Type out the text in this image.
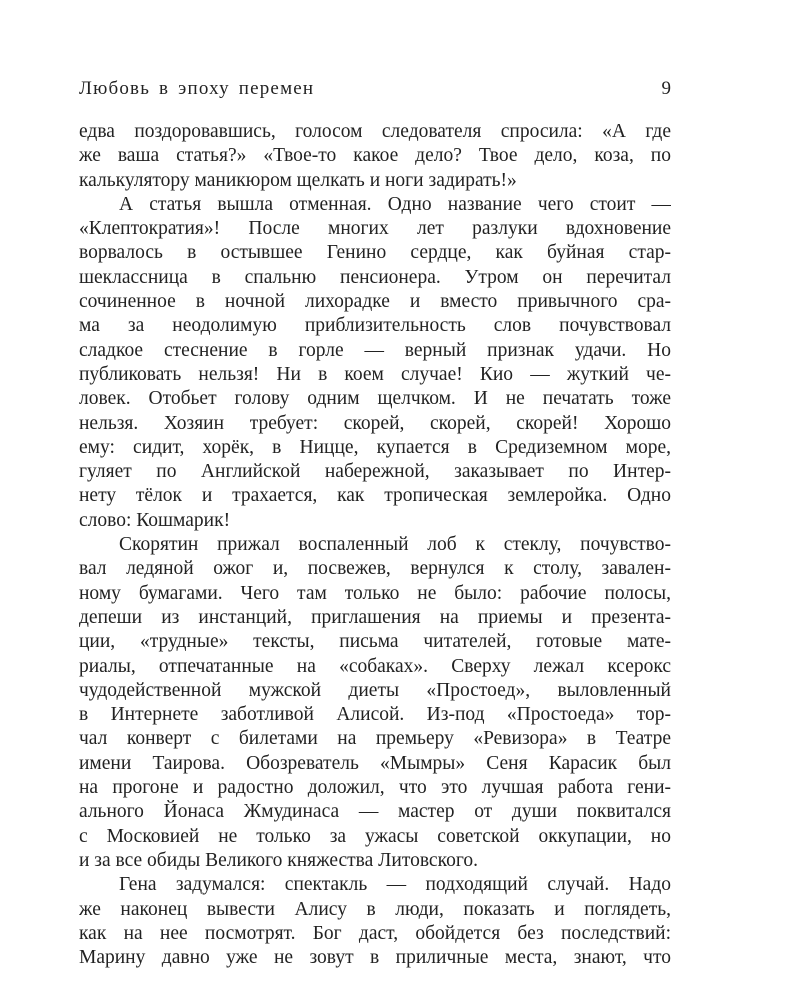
Любовь в эпоху перемен	9
едва поздоровавшись, голосом следователя спросила: «А где
же ваша статья?» «Твое-то какое дело? Твое дело, коза, по
калькулятору маникюром щелкать и ноги задирать!»
А статья вышла отменная. Одно название чего стоит —
«Клептократия»! После многих лет разлуки вдохновение
ворвалось в остывшее Генино сердце, как буйная стар-
шеклассница в спальню пенсионера. Утром он перечитал
сочиненное в ночной лихорадке и вместо привычного сра-
ма за неодолимую приблизительность слов почувствовал
сладкое стеснение в горле — верный признак удачи. Но
публиковать нельзя! Ни в коем случае! Кио — жуткий че-
ловек. Отобьет голову одним щелчком. И не печатать тоже
нельзя. Хозяин требует: скорей, скорей, скорей! Хорошо
ему: сидит, хорёк, в Ницце, купается в Средиземном море,
гуляет по Английской набережной, заказывает по Интер-
нету тёлок и трахается, как тропическая землеройка. Одно
слово: Кошмарик!
Скорятин прижал воспаленный лоб к стеклу, почувство-
вал ледяной ожог и, посвежев, вернулся к столу, завален-
ному бумагами. Чего там только не было: рабочие полосы,
депеши из инстанций, приглашения на приемы и презента-
ции, «трудные» тексты, письма читателей, готовые мате-
риалы, отпечатанные на «собаках». Сверху лежал ксерокс
чудодейственной мужской диеты «Простоед», выловленный
в Интернете заботливой Алисой. Из-под «Простоеда» тор-
чал конверт с билетами на премьеру «Ревизора» в Театре
имени Таирова. Обозреватель «Мымры» Сеня Карасик был
на прогоне и радостно доложил, что это лучшая работа гени-
ального Йонаса Жмудинаса — мастер от души поквитался
с Московией не только за ужасы советской оккупации, но
и за все обиды Великого княжества Литовского.
Гена задумался: спектакль — подходящий случай. Надо
же наконец вывести Алису в люди, показать и поглядеть,
как на нее посмотрят. Бог даст, обойдется без последствий:
Марину давно уже не зовут в приличные места, знают, что
